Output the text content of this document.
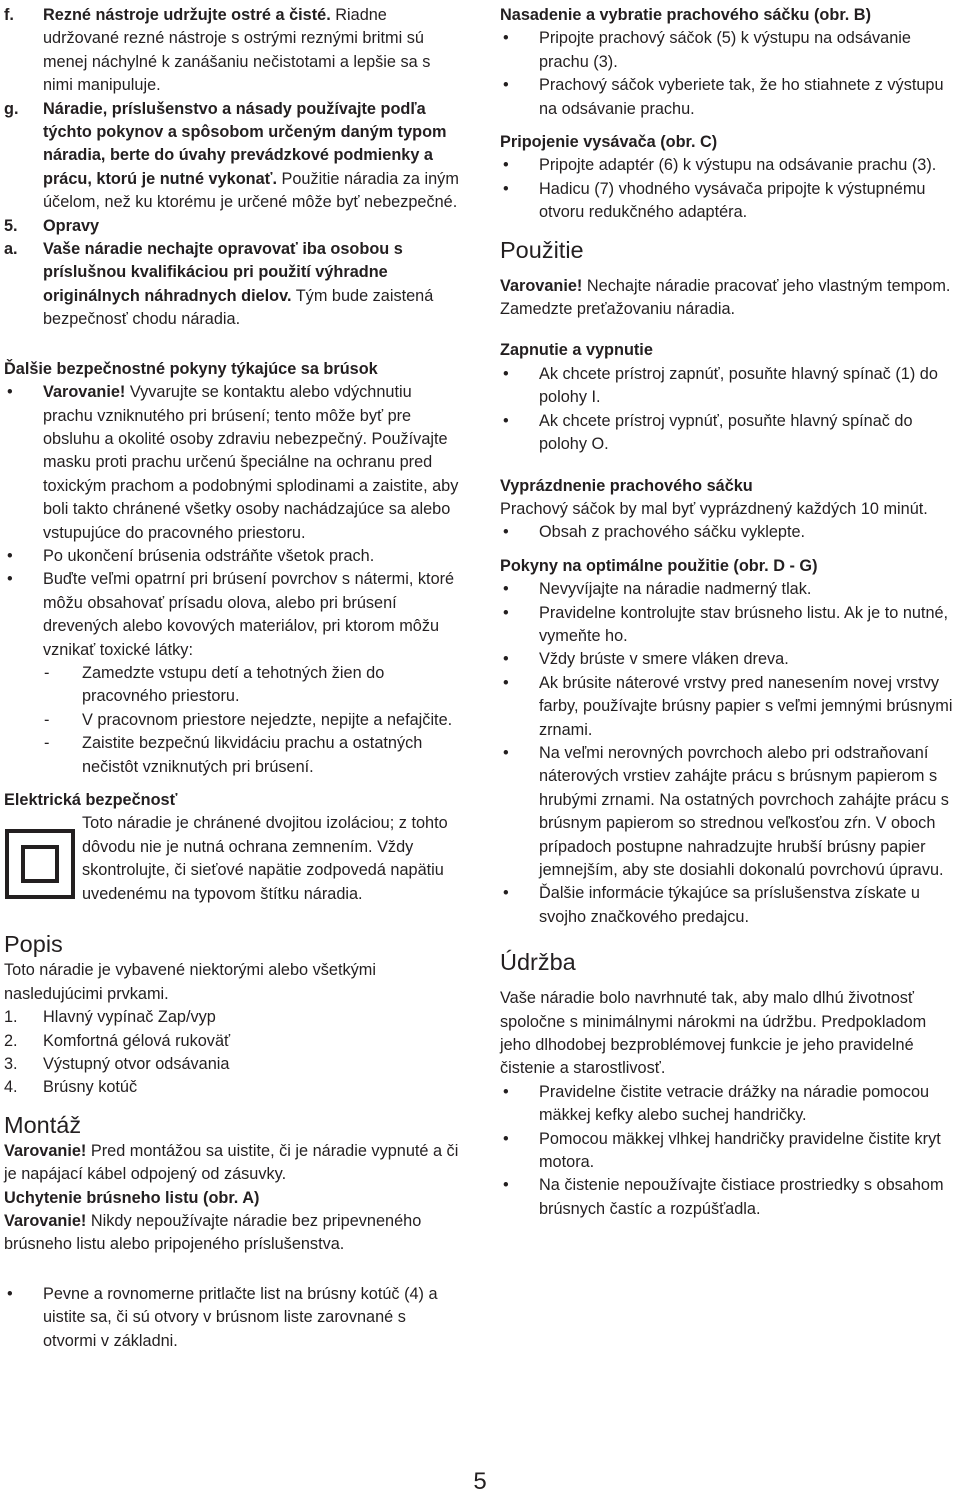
f. Rezné nástroje udržujte ostré a čisté. Riadne udržované rezné nástroje s ostrými reznými britmi sú menej náchylné k zanášaniu nečistotami a lepšie sa s nimi manipuluje.

g. Náradie, príslušenstvo a násady používajte podľa týchto pokynov a spôsobom určeným daným typom náradia, berte do úvahy prevádzkové podmienky a prácu, ktorú je nutné vykonať. Použitie náradia za iným účelom, než ku ktorému je určené môže byť nebezpečné.

5. Opravy

a. Vaše náradie nechajte opravovať iba osobou s príslušnou kvalifikáciou pri použití výhradne originálnych náhradnych dielov. Tým bude zaistená bezpečnosť chodu náradia.

Ďalšie bezpečnostné pokyny týkajúce sa brúsok

• Varovanie! Vyvarujte se kontaktu alebo vdýchnutiu prachu vzniknutého pri brúsení; tento môže byť pre obsluhu a okolité osoby zdraviu nebezpečný. Používajte masku proti prachu určenú špeciálne na ochranu pred toxickým prachom a podobnými splodinami a zaistite, aby boli takto chránené všetky osoby nachádzajúce sa alebo vstupujúce do pracovného priestoru.

• Po ukončení brúsenia odstráňte všetok prach.

• Buďte veľmi opatrní pri brúsení povrchov s nátermi, ktoré môžu obsahovať prísadu olova, alebo pri brúsení drevených alebo kovových materiálov, pri ktorom môžu vznikať toxické látky:

- Zamedzte vstupu detí a tehotných žien do pracovného priestoru.

- V pracovnom priestore nejedzte, nepijte a nefajčite.

- Zaistite bezpečnú likvidáciu prachu a ostatných nečistôt vzniknutých pri brúsení.

Elektrická bezpečnosť

Toto náradie je chránené dvojitou izoláciou; z tohto dôvodu nie je nutná ochrana zemnením. Vždy skontrolujte, či sieťové napätie zodpovedá napätiu uvedenému na typovom štítku náradia.

Popis

Toto náradie je vybavené niektorými alebo všetkými nasledujúcimi prvkami.

1. Hlavný vypínač Zap/vyp

2. Komfortná gélová rukoväť

3. Výstupný otvor odsávania

4. Brúsny kotúč

Montáž

Varovanie! Pred montážou sa uistite, či je náradie vypnuté a či je napájací kábel odpojený od zásuvky.

Uchytenie brúsneho listu (obr. A)

Varovanie! Nikdy nepoužívajte náradie bez pripevneného brúsneho listu alebo pripojeného príslušenstva.

• Pevne a rovnomerne pritlačte list na brúsny kotúč (4) a uistite sa, či sú otvory v brúsnom liste zarovnané s otvormi v základni.

Nasadenie a vybratie prachového sáčku (obr. B)

• Pripojte prachový sáčok (5) k výstupu na odsávanie prachu (3).

• Prachový sáčok vyberiete tak, že ho stiahnete z výstupu na odsávanie prachu.

Pripojenie vysávača (obr. C)

• Pripojte adaptér (6) k výstupu na odsávanie prachu (3).

• Hadicu (7) vhodného vysávača pripojte k výstupnému otvoru redukčného adaptéra.

Použitie

Varovanie! Nechajte náradie pracovať jeho vlastným tempom. Zamedzte preťažovaniu náradia.

Zapnutie a vypnutie

• Ak chcete prístroj zapnúť, posuňte hlavný spínač (1) do polohy I.

• Ak chcete prístroj vypnúť, posuňte hlavný spínač do polohy O.

Vyprázdnenie prachového sáčku

Prachový sáčok by mal byť vyprázdnený každých 10 minút.

• Obsah z prachového sáčku vyklepte.

Pokyny na optimálne použitie (obr. D - G)

• Nevyvíjajte na náradie nadmerný tlak.

• Pravidelne kontrolujte stav brúsneho listu. Ak je to nutné, vymeňte ho.

• Vždy brúste v smere vláken dreva.

• Ak brúsite náterové vrstvy pred nanesením novej vrstvy farby, používajte brúsny papier s veľmi jemnými brúsnymi zrnami.

• Na veľmi nerovných povrchoch alebo pri odstraňovaní náterových vrstiev zahájte prácu s brúsnym papierom s hrubými zrnami. Na ostatných povrchoch zahájte prácu s brúsnym papierom so strednou veľkosťou zŕn. V oboch prípadoch postupne nahradzujte hrubší brúsny papier jemnejším, aby ste dosiahli dokonalú povrchovú úpravu.

• Ďalšie informácie týkajúce sa príslušenstva získate u svojho značkového predajcu.

Údržba

Vaše náradie bolo navrhnuté tak, aby malo dlhú životnosť spoločne s minimálnymi nárokmi na údržbu. Predpokladom jeho dlhodobej bezproblémovej funkcie je jeho pravidelné čistenie a starostlivosť.

• Pravidelne čistite vetracie drážky na náradie pomocou mäkkej kefky alebo suchej handričky.

• Pomocou mäkkej vlhkej handričky pravidelne čistite kryt motora.

• Na čistenie nepoužívajte čistiace prostriedky s obsahom brúsnych častíc a rozpúšťadla.

5
